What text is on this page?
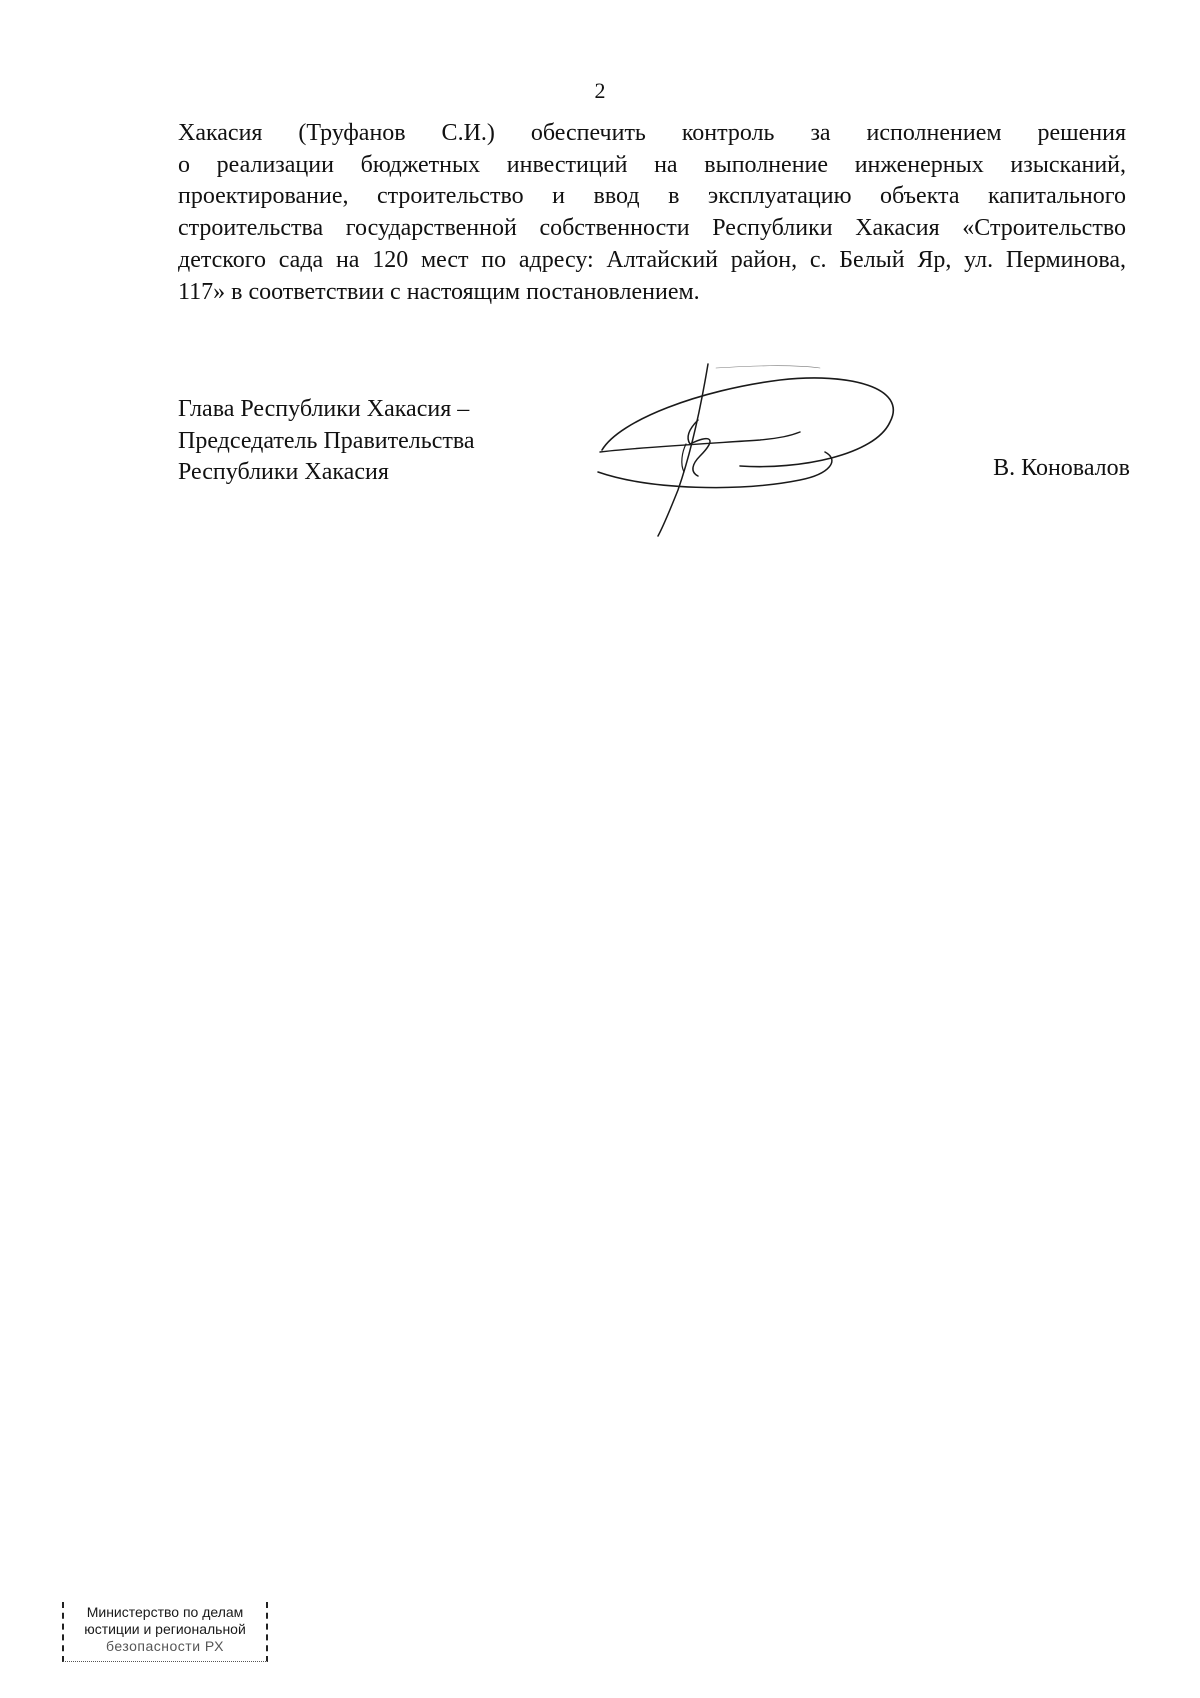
2
Хакасия (Труфанов С.И.) обеспечить контроль за исполнением решения
о реализации бюджетных инвестиций на выполнение инженерных изысканий,
проектирование, строительство и ввод в эксплуатацию объекта капитального
строительства государственной собственности Республики Хакасия «Строительство
детского сада на 120 мест по адресу: Алтайский район, с. Белый Яр, ул. Перминова,
117» в соответствии с настоящим постановлением.
Глава Республики Хакасия –
Председатель Правительства
Республики Хакасия	В. Коновалов
Министерство по делам
юстиции и региональной
безопасности РХ
